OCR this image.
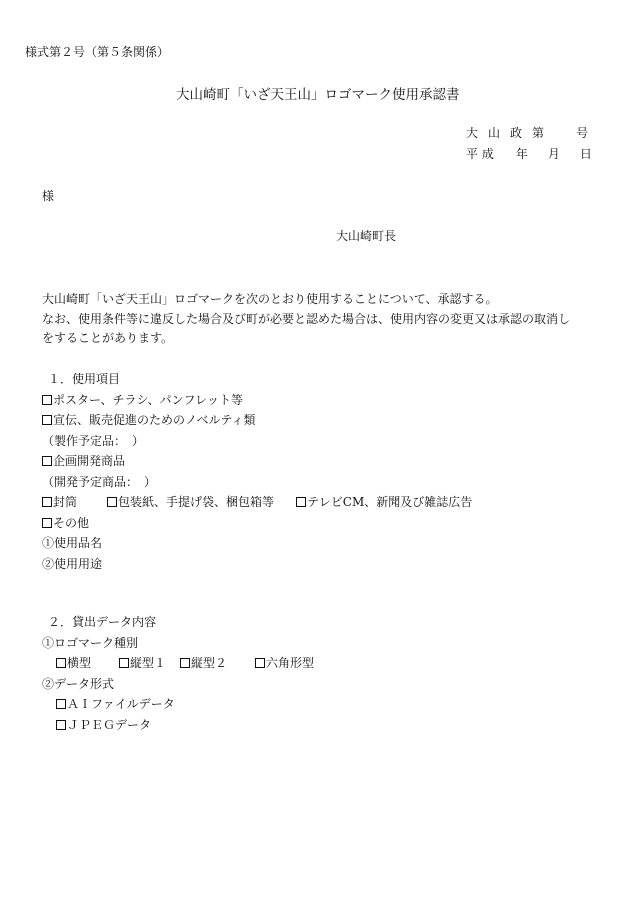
様式第２号（第５条関係）
大山崎町「いざ天王山」ロゴマーク使用承認書
大 山 政 第	号
平 成 年 月 日
様
大山崎町長
大山崎町「いざ天王山」ロゴマークを次のとおり使用することについて、承認する。
なお、使用条件等に違反した場合及び町が必要と認めた場合は、使用内容の変更又は承認の取消し
をすることがあります。
１．使用項目
ポスター、チラシ、パンフレット等
宣伝、販売促進のためのノベルティ類
（製作予定品：　）
企画開発商品
（開発予定商品：　）
封筒	包装紙、手提げ袋、梱包箱等	テレビCM、新聞及び雑誌広告
その他
①使用品名
②使用用途
２．貸出データ内容
①ロゴマーク種別
横型	縦型１ 縦型２	六角形型
②データ形式
ＡＩファイルデータ
ＪＰＥＧデータ
